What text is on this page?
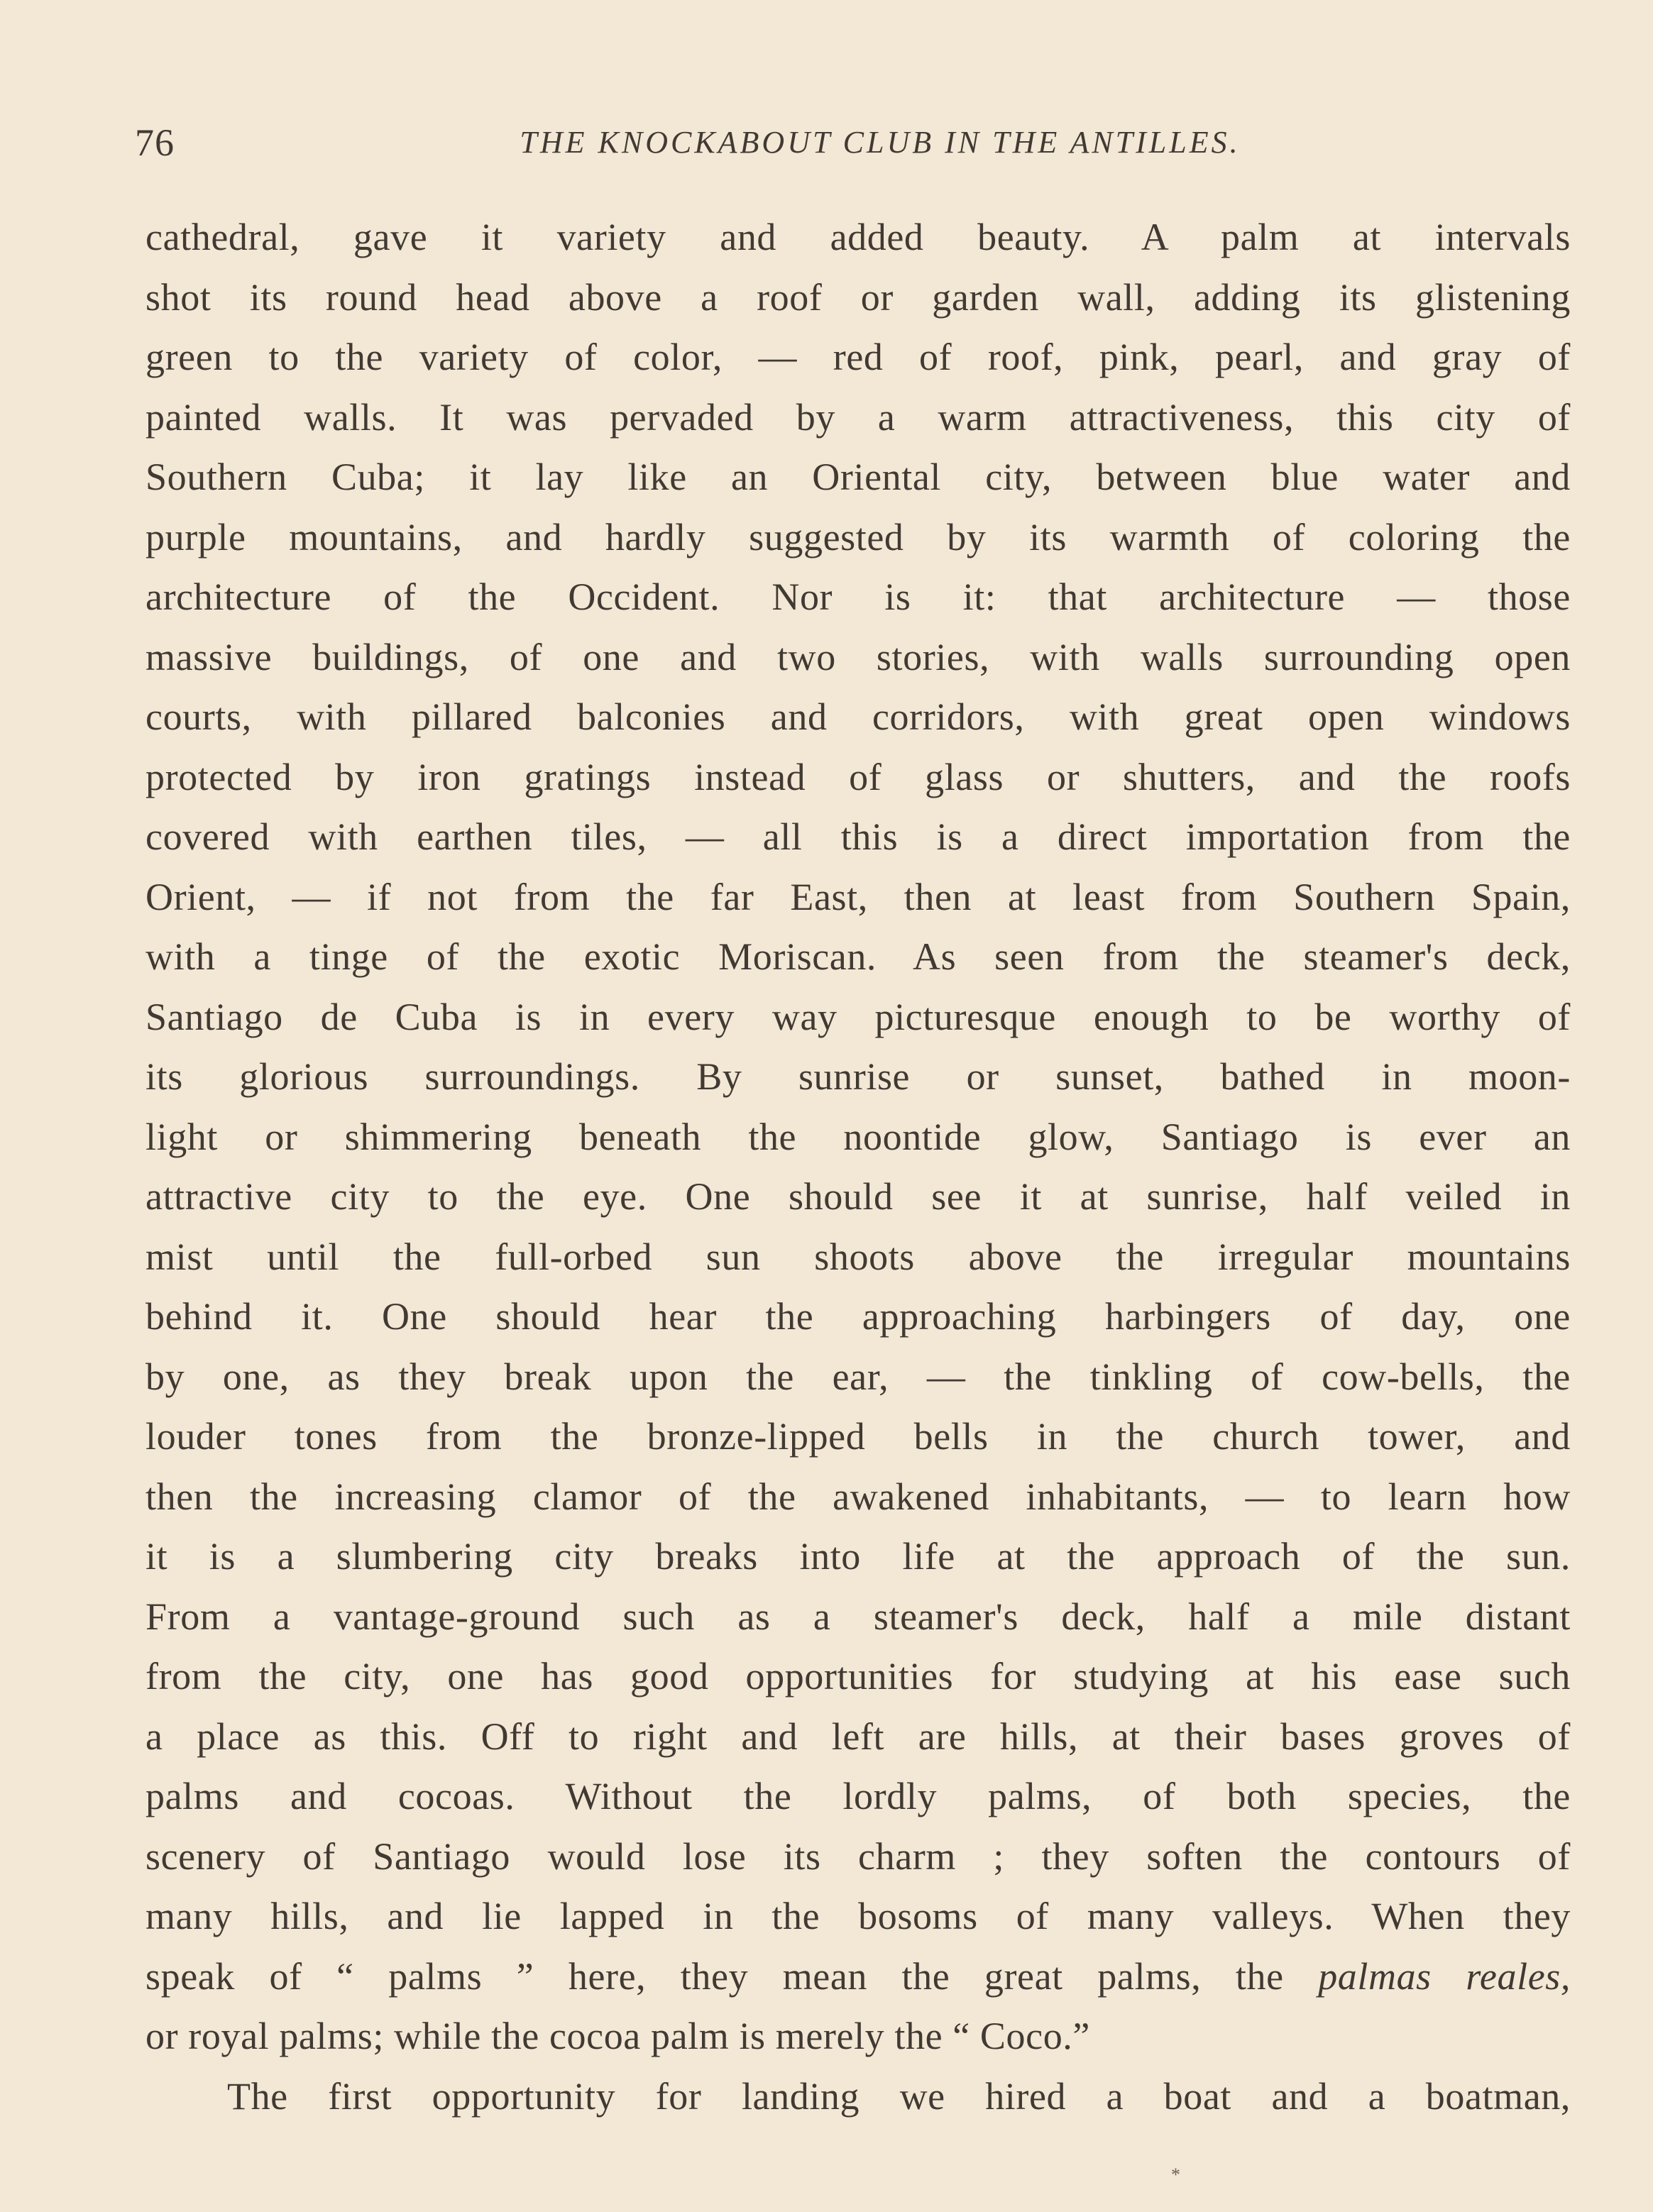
76	THE KNOCKABOUT CLUB IN THE ANTILLES.
cathedral, gave it variety and added beauty. A palm at intervals
shot its round head above a roof or garden wall, adding its glistening
green to the variety of color, — red of roof, pink, pearl, and gray of
painted walls. It was pervaded by a warm attractiveness, this city of
Southern Cuba; it lay like an Oriental city, between blue water and
purple mountains, and hardly suggested by its warmth of coloring the
architecture of the Occident. Nor is it: that architecture — those
massive buildings, of one and two stories, with walls surrounding open
courts, with pillared balconies and corridors, with great open windows
protected by iron gratings instead of glass or shutters, and the roofs
covered with earthen tiles, — all this is a direct importation from the
Orient, — if not from the far East, then at least from Southern Spain,
with a tinge of the exotic Moriscan. As seen from the steamer's deck,
Santiago de Cuba is in every way picturesque enough to be worthy of
its glorious surroundings. By sunrise or sunset, bathed in moon-
light or shimmering beneath the noontide glow, Santiago is ever an
attractive city to the eye. One should see it at sunrise, half veiled in
mist until the full-orbed sun shoots above the irregular mountains
behind it. One should hear the approaching harbingers of day, one
by one, as they break upon the ear, — the tinkling of cow-bells, the
louder tones from the bronze-lipped bells in the church tower, and
then the increasing clamor of the awakened inhabitants, — to learn how
it is a slumbering city breaks into life at the approach of the sun.
From a vantage-ground such as a steamer's deck, half a mile distant
from the city, one has good opportunities for studying at his ease such
a place as this. Off to right and left are hills, at their bases groves of
palms and cocoas. Without the lordly palms, of both species, the
scenery of Santiago would lose its charm ; they soften the contours of
many hills, and lie lapped in the bosoms of many valleys. When they
speak of “ palms ” here, they mean the great palms, the palmas reales,
or royal palms; while the cocoa palm is merely the “ Coco.”
The first opportunity for landing we hired a boat and a boatman,
*
